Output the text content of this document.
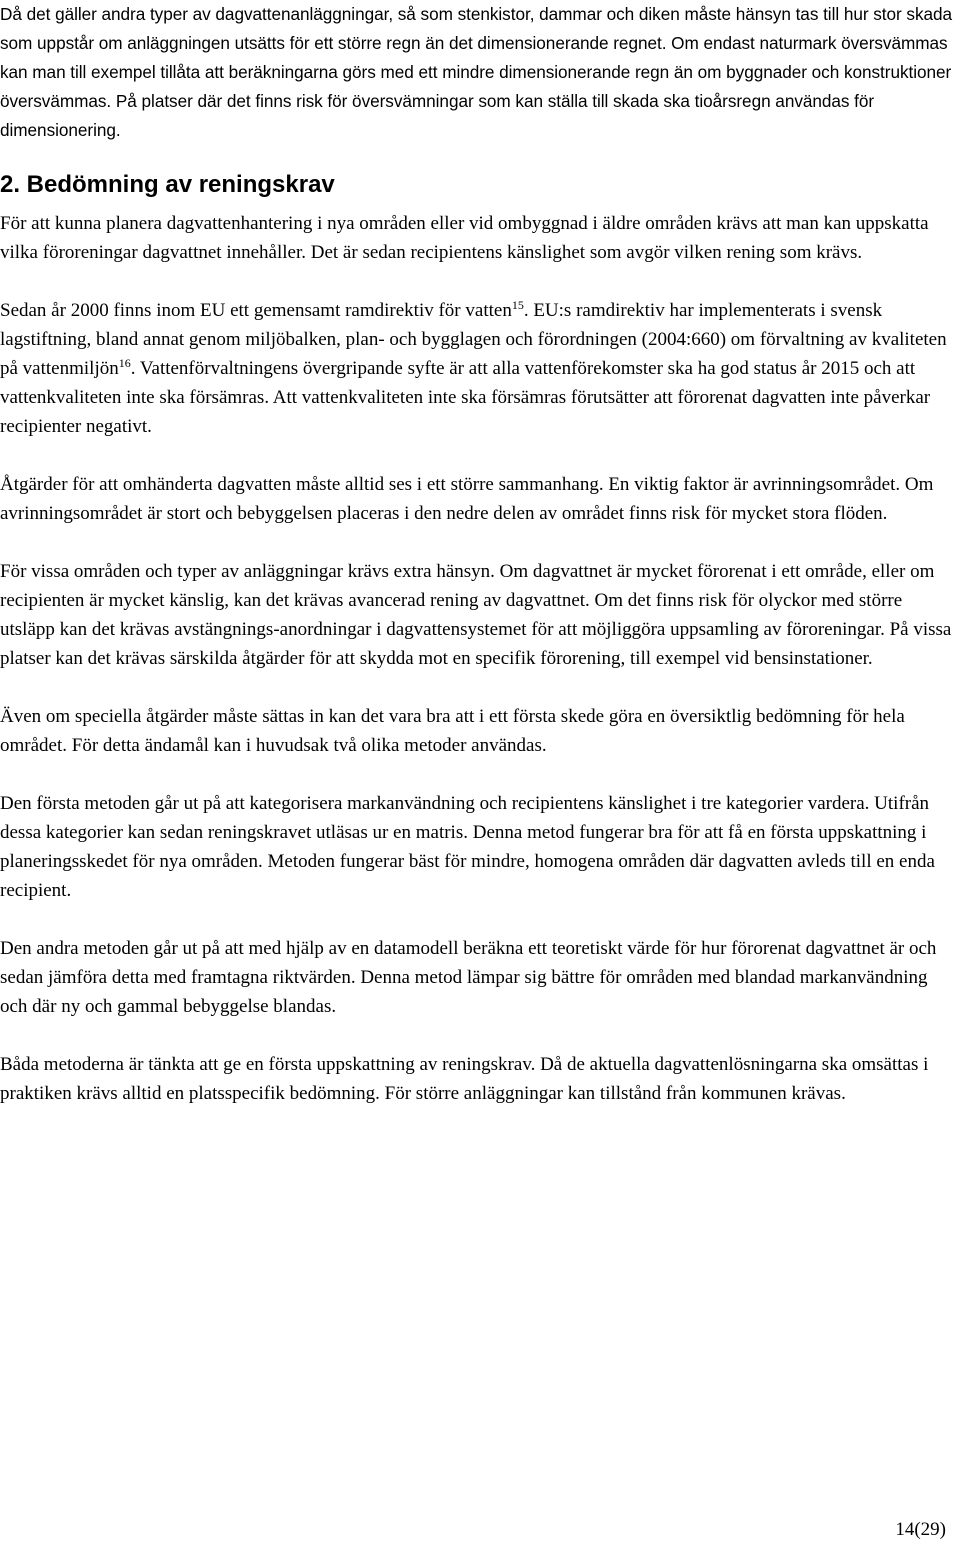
Då det gäller andra typer av dagvattenanläggningar, så som stenkistor, dammar och diken måste hänsyn tas till hur stor skada som uppstår om anläggningen utsätts för ett större regn än det dimensionerande regnet. Om endast naturmark översvämmas kan man till exempel tillåta att beräkningarna görs med ett mindre dimensionerande regn än om byggnader och konstruktioner översvämmas. På platser där det finns risk för översvämningar som kan ställa till skada ska tioårsregn användas för dimensionering.

2. Bedömning av reningskrav

För att kunna planera dagvattenhantering i nya områden eller vid ombyggnad i äldre områden krävs att man kan uppskatta vilka föroreningar dagvattnet innehåller. Det är sedan recipientens känslighet som avgör vilken rening som krävs.

Sedan år 2000 finns inom EU ett gemensamt ramdirektiv för vatten$^{15}$. EU:s ramdirektiv har implementerats i svensk lagstiftning, bland annat genom miljöbalken, plan- och bygglagen och förordningen (2004:660) om förvaltning av kvaliteten på vattenmiljön$^{16}$. Vattenförvaltningens övergripande syfte är att alla vattenförekomster ska ha god status år 2015 och att vattenkvaliteten inte ska försämras. Att vattenkvaliteten inte ska försämras förutsätter att förorenat dagvatten inte påverkar recipienter negativt.

Åtgärder för att omhänderta dagvatten måste alltid ses i ett större sammanhang. En viktig faktor är avrinningsområdet. Om avrinningsområdet är stort och bebyggelsen placeras i den nedre delen av området finns risk för mycket stora flöden.

För vissa områden och typer av anläggningar krävs extra hänsyn. Om dagvattnet är mycket förorenat i ett område, eller om recipienten är mycket känslig, kan det krävas avancerad rening av dagvattnet. Om det finns risk för olyckor med större utsläpp kan det krävas avstängnings-anordningar i dagvattensystemet för att möjliggöra uppsamling av föroreningar. På vissa platser kan det krävas särskilda åtgärder för att skydda mot en specifik förorening, till exempel vid bensinstationer.

Även om speciella åtgärder måste sättas in kan det vara bra att i ett första skede göra en översiktlig bedömning för hela området. För detta ändamål kan i huvudsak två olika metoder användas.

Den första metoden går ut på att kategorisera markanvändning och recipientens känslighet i tre kategorier vardera. Utifrån dessa kategorier kan sedan reningskravet utläsas ur en matris. Denna metod fungerar bra för att få en första uppskattning i planeringsskedet för nya områden. Metoden fungerar bäst för mindre, homogena områden där dagvatten avleds till en enda recipient.

Den andra metoden går ut på att med hjälp av en datamodell beräkna ett teoretiskt värde för hur förorenat dagvattnet är och sedan jämföra detta med framtagna riktvärden. Denna metod lämpar sig bättre för områden med blandad markanvändning och där ny och gammal bebyggelse blandas.

Båda metoderna är tänkta att ge en första uppskattning av reningskrav. Då de aktuella dagvattenlösningarna ska omsättas i praktiken krävs alltid en platsspecifik bedömning. För större anläggningar kan tillstånd från kommunen krävas.

14(29)
